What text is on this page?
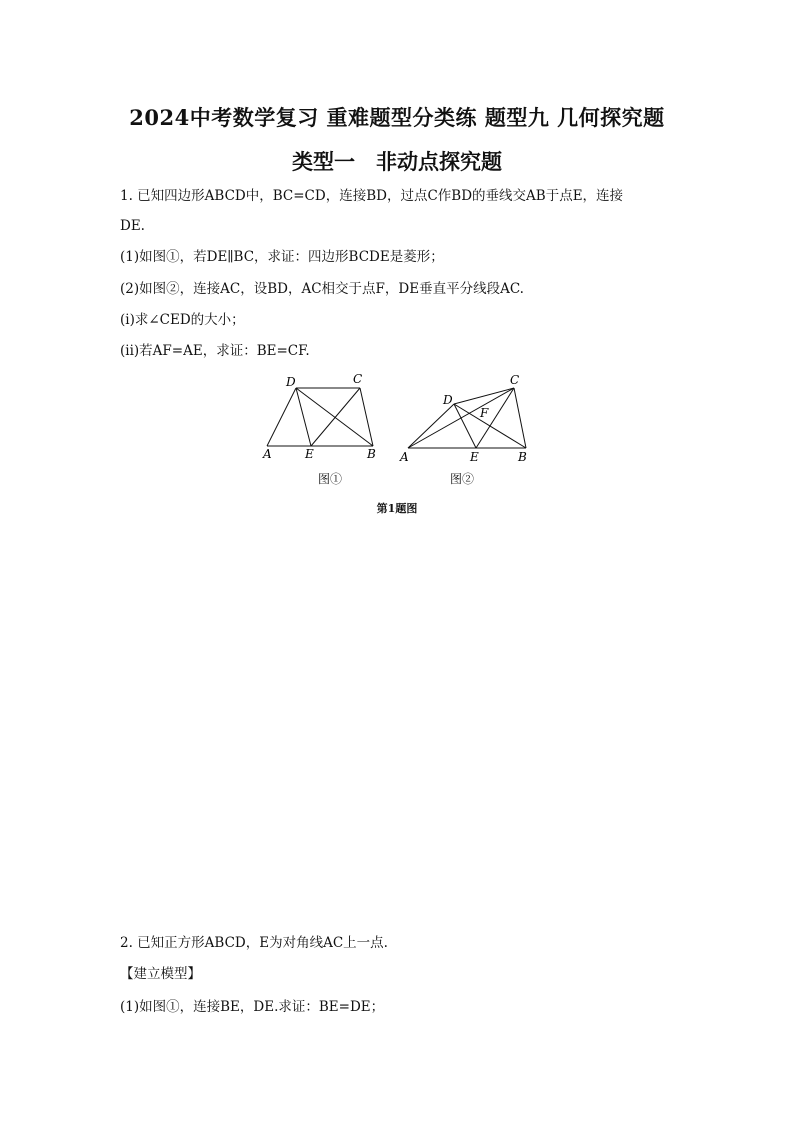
2024中考数学复习 重难题型分类练 题型九 几何探究题
类型一　非动点探究题
1. 已知四边形ABCD中，BC=CD，连接BD，过点C作BD的垂线交AB于点E，连接
DE.
(1)如图①，若DE∥BC，求证：四边形BCDE是菱形；
(2)如图②，连接AC，设BD，AC相交于点F，DE垂直平分线段AC.
(i)求∠CED的大小；
(ii)若AF=AE，求证：BE=CF.
A	B
C
D
E
图①
A	B
C
D
E
F
图②
第1题图
2. 已知正方形ABCD，E为对角线AC上一点.
【建立模型】
(1)如图①，连接BE，DE.求证：BE=DE；
